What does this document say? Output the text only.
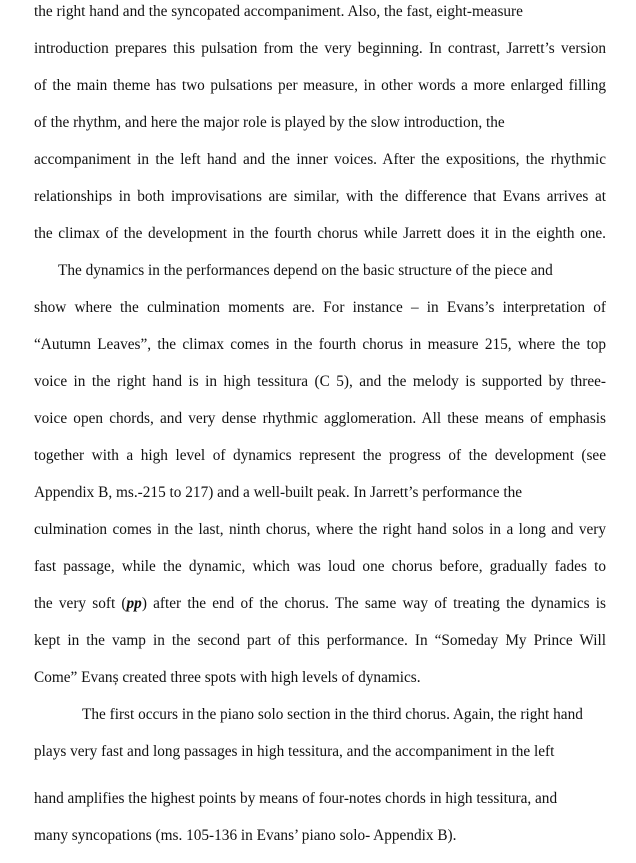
the right hand and the syncopated accompaniment. Also, the fast, eight-measure
introduction prepares this pulsation from the very beginning. In contrast, Jarrett’s version
of the main theme has two pulsations per measure, in other words a more enlarged filling
of the rhythm, and here the major role is played by the slow introduction, the
accompaniment in the left hand and the inner voices. After the expositions, the rhythmic
relationships in both improvisations are similar, with the difference that Evans arrives at
the climax of the development in the fourth chorus while Jarrett does it in the eighth one.
The dynamics in the performances depend on the basic structure of the piece and
show where the culmination moments are. For instance – in Evans’s interpretation of
“Autumn Leaves”, the climax comes in the fourth chorus in measure 215, where the top
voice in the right hand is in high tessitura (C 5), and the melody is supported by three-
voice open chords, and very dense rhythmic agglomeration. All these means of emphasis
together with a high level of dynamics represent the progress of the development (see
Appendix B, ms.-215 to 217) and a well-built peak. In Jarrett’s performance the
culmination comes in the last, ninth chorus, where the right hand solos in a long and very
fast passage, while the dynamic, which was loud one chorus before, gradually fades to
the very soft (pp) after the end of the chorus. The same way of treating the dynamics is
kept in the vamp in the second part of this performance. In “Someday My Prince Will
Come” Evanș created three spots with high levels of dynamics.
The first occurs in the piano solo section in the third chorus. Again, the right hand
plays very fast and long passages in high tessitura, and the accompaniment in the left
hand amplifies the highest points by means of four-notes chords in high tessitura, and
many syncopations (ms. 105-136 in Evans’ piano solo- Appendix B).
